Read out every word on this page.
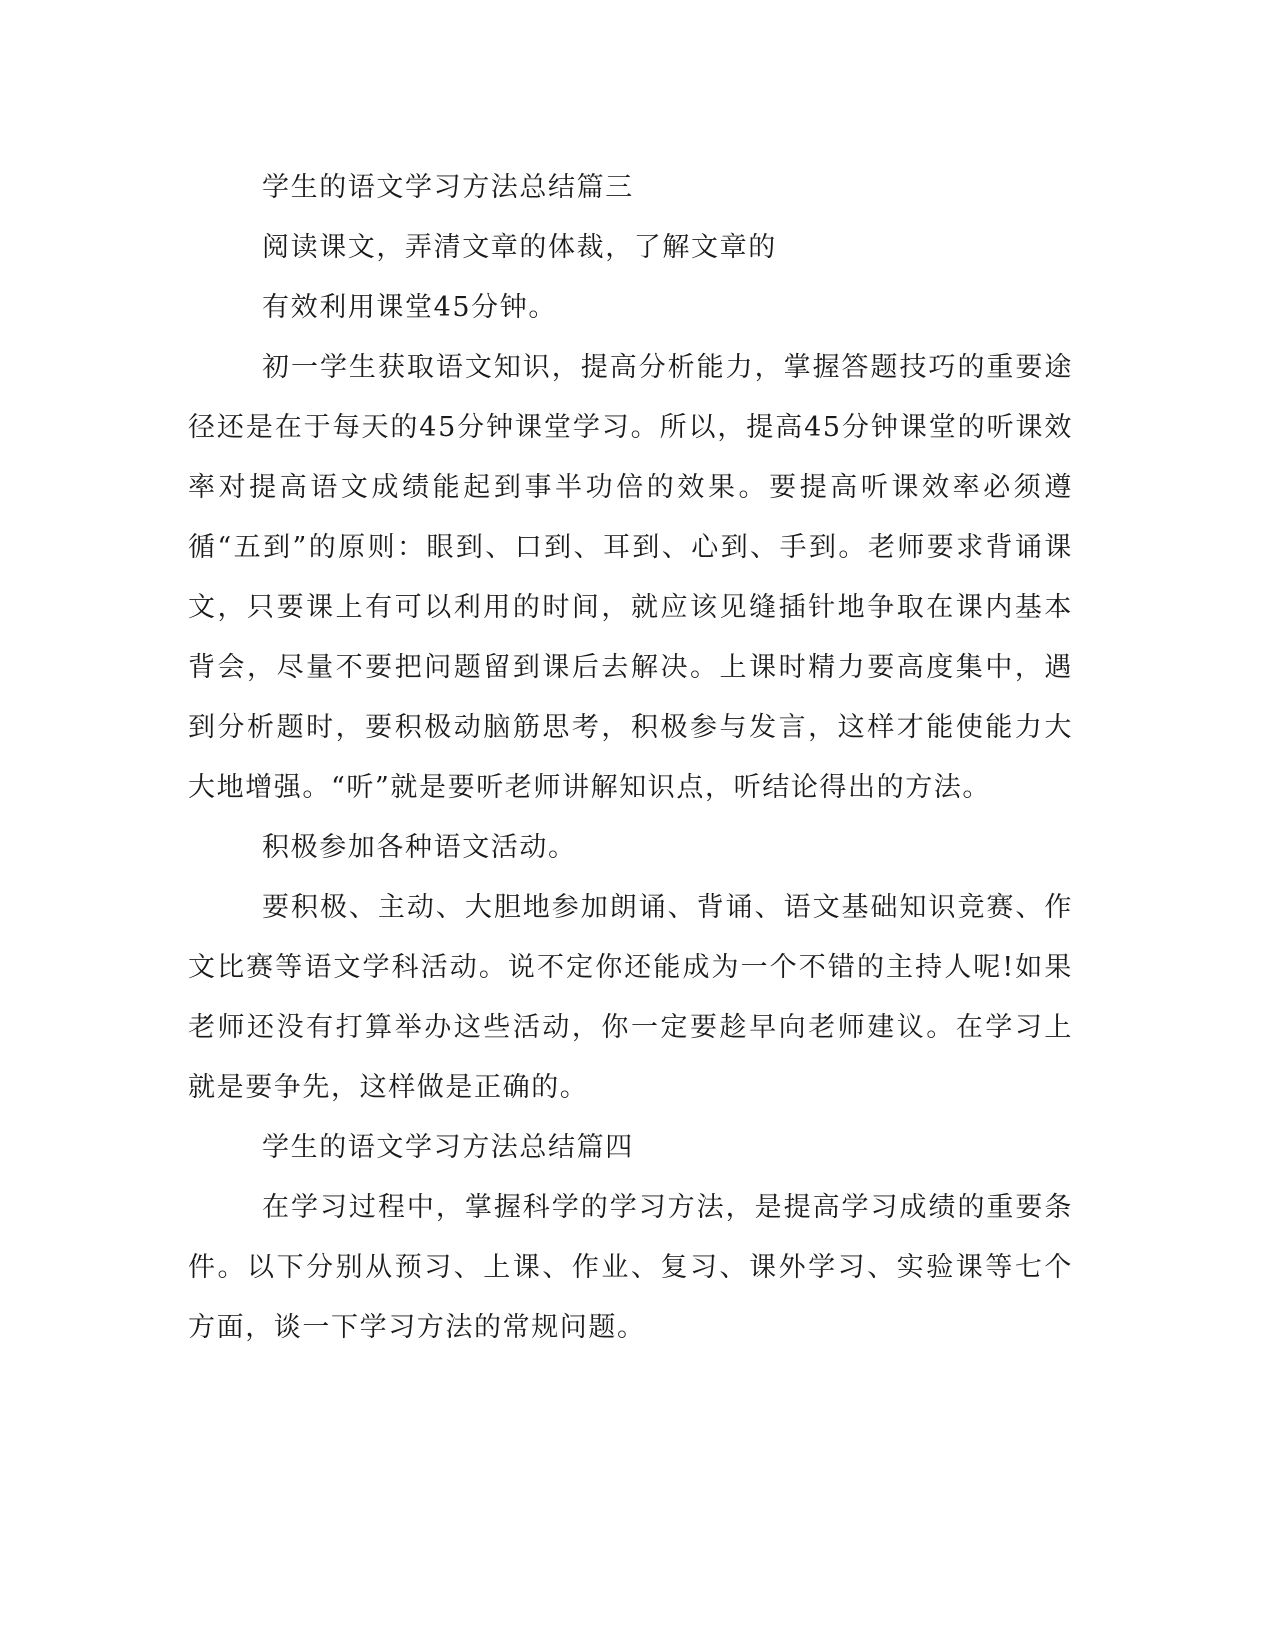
学生的语文学习方法总结篇三

阅读课文，弄清文章的体裁，了解文章的

有效利用课堂45分钟。

初一学生获取语文知识，提高分析能力，掌握答题技巧的重要途径还是在于每天的45分钟课堂学习。所以，提高45分钟课堂的听课效率对提高语文成绩能起到事半功倍的效果。要提高听课效率必须遵循“五到”的原则：眼到、口到、耳到、心到、手到。老师要求背诵课文，只要课上有可以利用的时间，就应该见缝插针地争取在课内基本背会，尽量不要把问题留到课后去解决。上课时精力要高度集中，遇到分析题时，要积极动脑筋思考，积极参与发言，这样才能使能力大大地增强。“听”就是要听老师讲解知识点，听结论得出的方法。

积极参加各种语文活动。

要积极、主动、大胆地参加朗诵、背诵、语文基础知识竞赛、作文比赛等语文学科活动。说不定你还能成为一个不错的主持人呢!如果老师还没有打算举办这些活动，你一定要趁早向老师建议。在学习上就是要争先，这样做是正确的。

学生的语文学习方法总结篇四

在学习过程中，掌握科学的学习方法，是提高学习成绩的重要条件。以下分别从预习、上课、作业、复习、课外学习、实验课等七个方面，谈一下学习方法的常规问题。
